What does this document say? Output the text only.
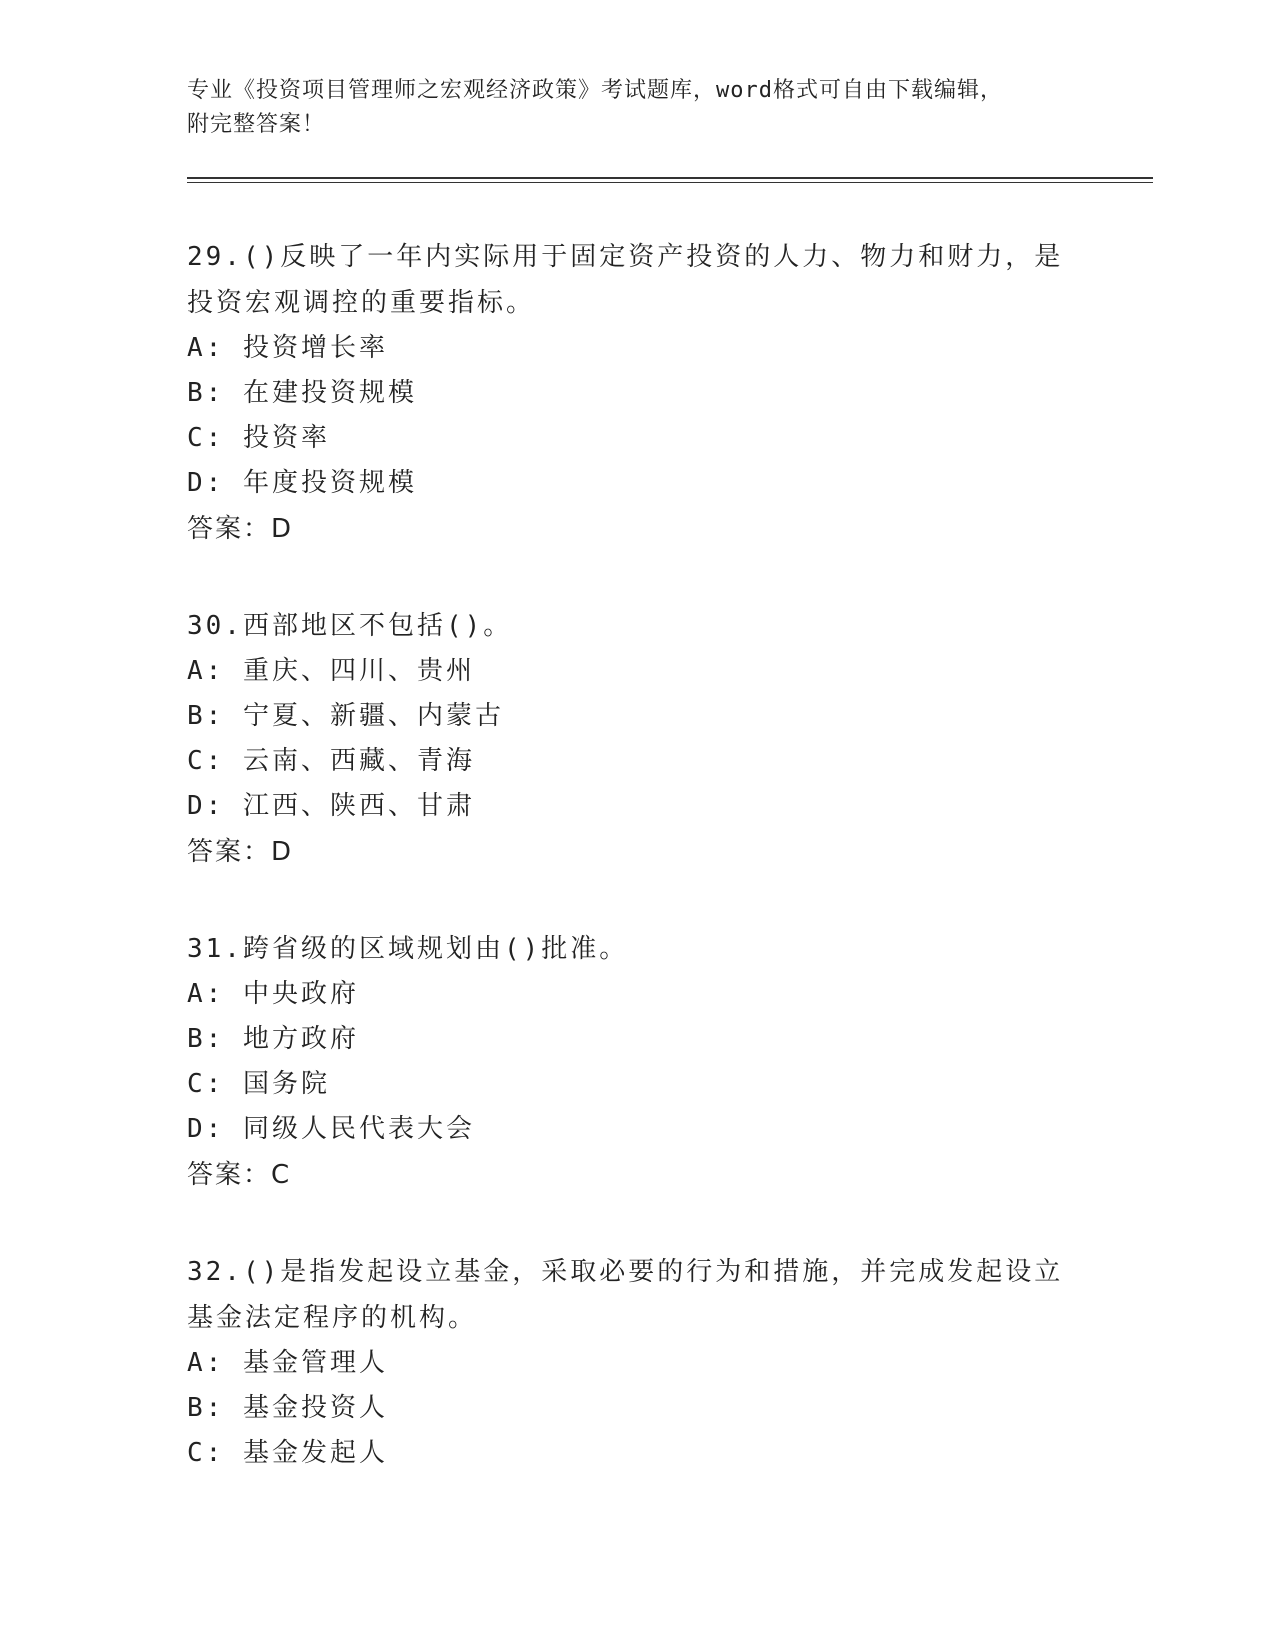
专业《投资项目管理师之宏观经济政策》考试题库，word格式可自由下载编辑，
附完整答案！

29.()反映了一年内实际用于固定资产投资的人力、物力和财力，是投资宏观调控的重要指标。

A: 投资增长率

B: 在建投资规模

C: 投资率

D: 年度投资规模

答案：D

30.西部地区不包括()。

A: 重庆、四川、贵州

B: 宁夏、新疆、内蒙古

C: 云南、西藏、青海

D: 江西、陕西、甘肃

答案：D

31.跨省级的区域规划由()批准。

A: 中央政府

B: 地方政府

C: 国务院

D: 同级人民代表大会

答案：C

32.()是指发起设立基金，采取必要的行为和措施，并完成发起设立基金法定程序的机构。

A: 基金管理人

B: 基金投资人

C: 基金发起人
